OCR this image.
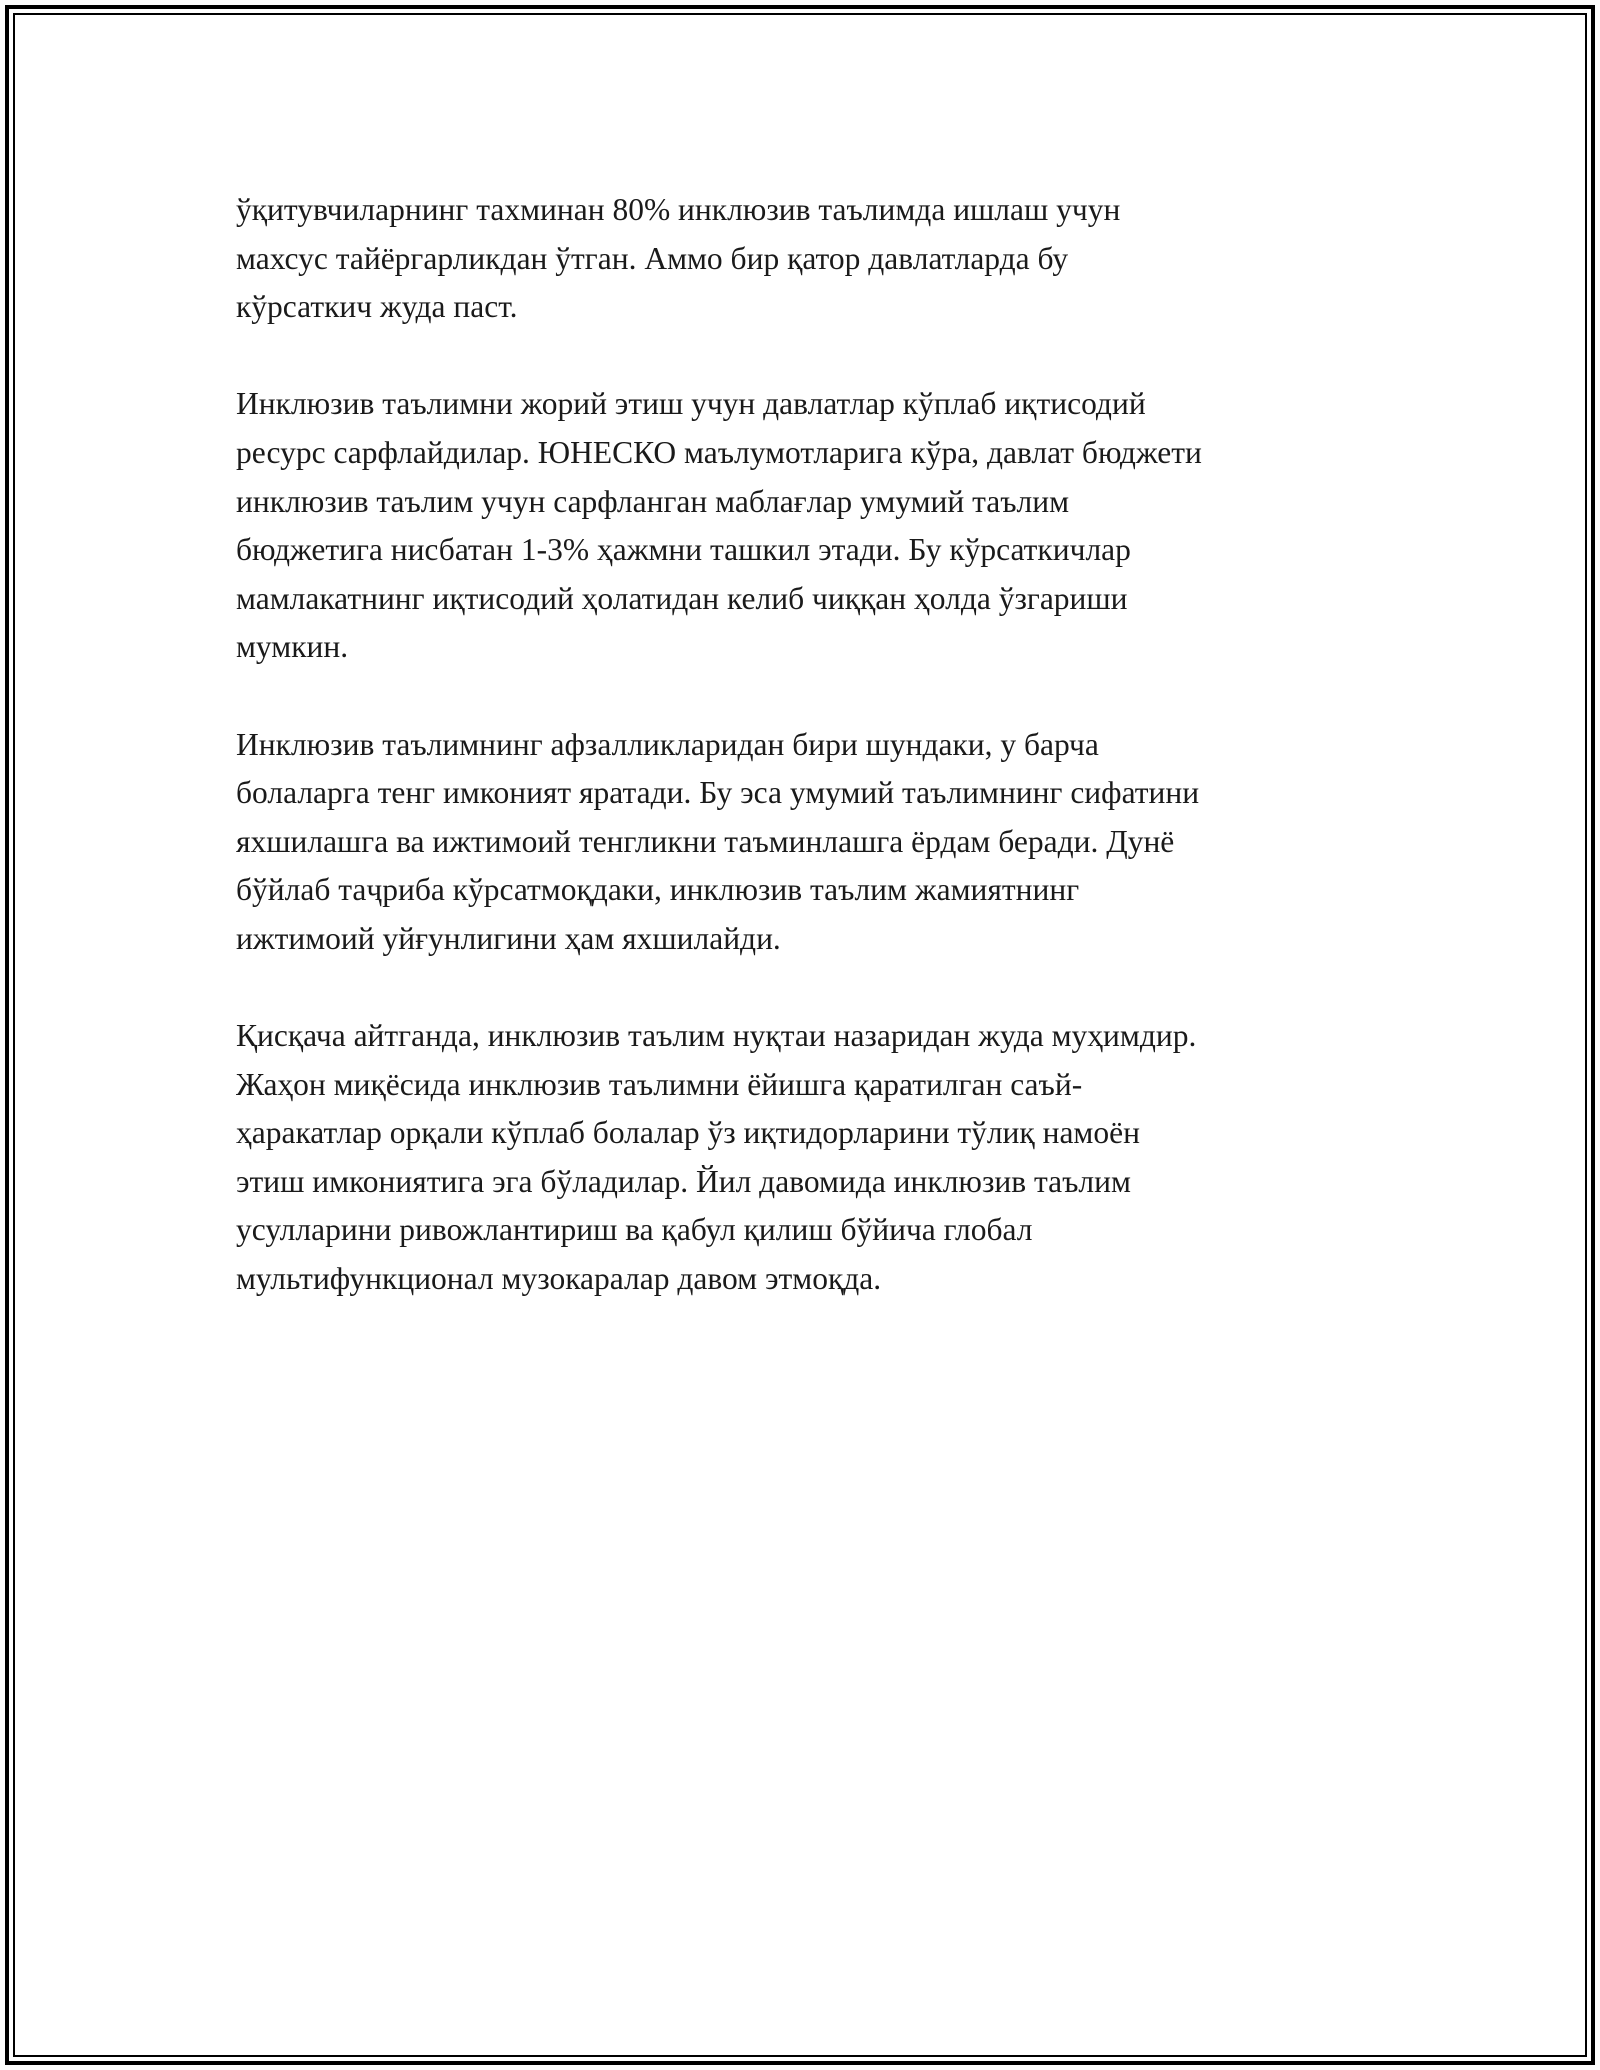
ўқитувчиларнинг тахминан 80% инклюзив таълимда ишлаш учун
махсус тайёргарликдан ўтган. Аммо бир қатор давлатларда бу
кўрсаткич жуда паст.

Инклюзив таълимни жорий этиш учун давлатлар кўплаб иқтисодий
ресурс сарфлайдилар. ЮНЕСКО маълумотларига кўра, давлат бюджети
инклюзив таълим учун сарфланган маблағлар умумий таълим
бюджетига нисбатан 1-3% ҳажмни ташкил этади. Бу кўрсаткичлар
мамлакатнинг иқтисодий ҳолатидан келиб чиққан ҳолда ўзгариши
мумкин.

Инклюзив таълимнинг афзалликларидан бири шундаки, у барча
болаларга тенг имконият яратади. Бу эса умумий таълимнинг сифатини
яхшилашга ва ижтимоий тенгликни таъминлашга ёрдам беради. Дунё
бўйлаб таҷриба кўрсатмоқдаки, инклюзив таълим жамиятнинг
ижтимоий уйғунлигини ҳам яхшилайди.

Қисқача айтганда, инклюзив таълим нуқтаи назаридан жуда муҳимдир.
Жаҳон миқёсида инклюзив таълимни ёйишга қаратилган саъй-
ҳаракатлар орқали кўплаб болалар ўз иқтидорларини тўлиқ намоён
этиш имкониятига эга бўладилар. Йил давомида инклюзив таълим
усулларини ривожлантириш ва қабул қилиш бўйича глобал
мультифункционал музокаралар давом этмоқда.
